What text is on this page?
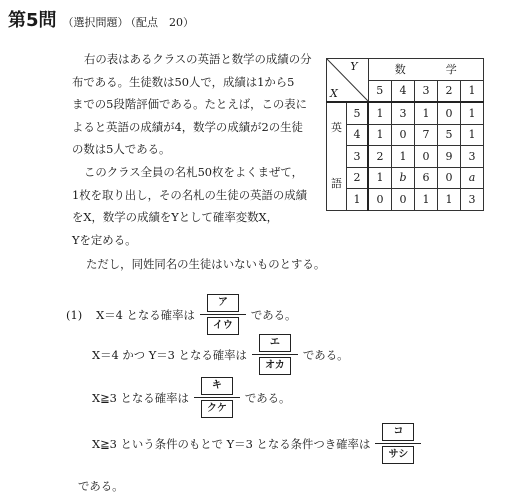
第5問 （選択問題） （配点　20）
右の表はあるクラスの英語と数学の成績の分
布である。生徒数は50人で，成績は1から5
までの5段階評価である。たとえば，この表に
よると英語の成績が4，数学の成績が2の生徒
の数は5人である。
このクラス全員の名札50枚をよくまぜて，
1枚を取り出し，その名札の生徒の英語の成績
をX，数学の成績をYとして確率変数X，
Yを定める。
Y
X		数 学				
		5	4	3	2	1

英
語	5	1	3	1	0	1
	4	1	0	7	5	1
	3	2	1	0	9	3
	2	1	b	6	0	a
	1	0	0	1	1	3
ただし，同姓同名の生徒はいないものとする。
(1) X＝4 となる確率は $\frac{\text{ア}}{\text{イウ}}$ である。
X＝4 かつ Y＝3 となる確率は $\frac{\text{エ}}{\text{オカ}}$ である。
X≧3 となる確率は $\frac{\text{キ}}{\text{クケ}}$ である。
X≧3 という条件のもとで Y＝3 となる条件つき確率は $\frac{\text{コ}}{\text{サシ}}$
である。
